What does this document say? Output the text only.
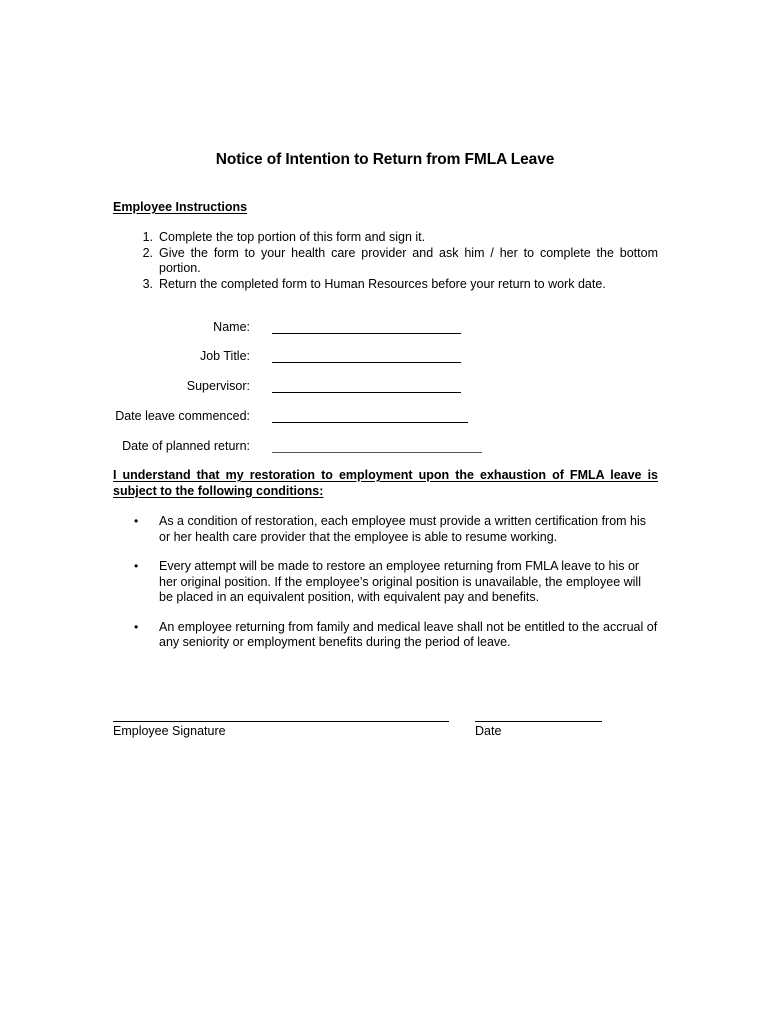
Notice of Intention to Return from FMLA Leave
Employee Instructions
1. Complete the top portion of this form and sign it.
2. Give the form to your health care provider and ask him / her to complete the bottom portion.
3. Return the completed form to Human Resources before your return to work date.
Name:
Job Title:
Supervisor:
Date leave commenced:
Date of planned return:
I understand that my restoration to employment upon the exhaustion of FMLA leave is subject to the following conditions:
• As a condition of restoration, each employee must provide a written certification from his or her health care provider that the employee is able to resume working.
• Every attempt will be made to restore an employee returning from FMLA leave to his or her original position. If the employee’s original position is unavailable, the employee will be placed in an equivalent position, with equivalent pay and benefits.
• An employee returning from family and medical leave shall not be entitled to the accrual of any seniority or employment benefits during the period of leave.
Employee Signature	Date
